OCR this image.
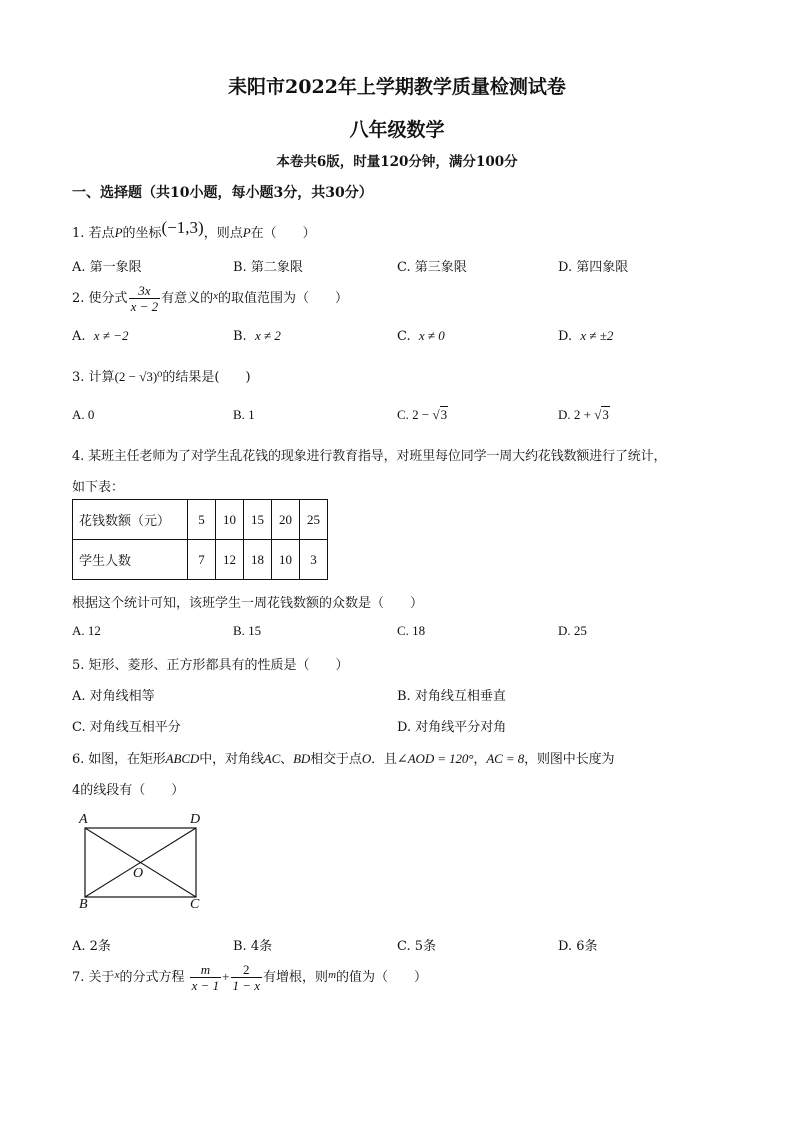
耒阳市2022年上学期教学质量检测试卷
八年级数学
本卷共6版，时量120分钟，满分100分
一、选择题（共10小题，每小题3分，共30分）
1. 若点P的坐标(−1,3)，则点P在（　　）
A. 第一象限	B. 第二象限	C. 第三象限	D. 第四象限
2. 使分式 $\frac{3x}{x - 2}$ 有意义的$^x$的取值范围为（　　）
A. x ≠ −2	B. x ≠ 2	C. x ≠ 0	D. x ≠ ±2
3. 计算(2 − √3)⁰的结果是(　　)
A. 0	B. 1	C. 2 − √3	D. 2 + √3
4. 某班主任老师为了对学生乱花钱的现象进行教育指导，对班里每位同学一周大约花钱数额进行了统计，
如下表：
花钱数额（元）	5	10	15	20	25
学生人数	7	12	18	10	3
根据这个统计可知，该班学生一周花钱数额的众数是（　　）
A. 12	B. 15	C. 18	D. 25
5. 矩形、菱形、正方形都具有的性质是（　　）
A. 对角线相等	B. 对角线互相垂直
C. 对角线互相平分	D. 对角线平分对角
6. 如图，在矩形ABCD中，对角线AC、BD相交于点O．且∠AOD = 120°，AC = 8，则图中长度为
4的线段有（　　）
A	D
O
B	C
A. 2条	B. 4条	C. 5条	D. 6条
7. 关于$^x$的分式方程 $\frac{m}{x - 1} + \frac{2}{1 - x}$ 有增根，则$^m$的值为（　　）
